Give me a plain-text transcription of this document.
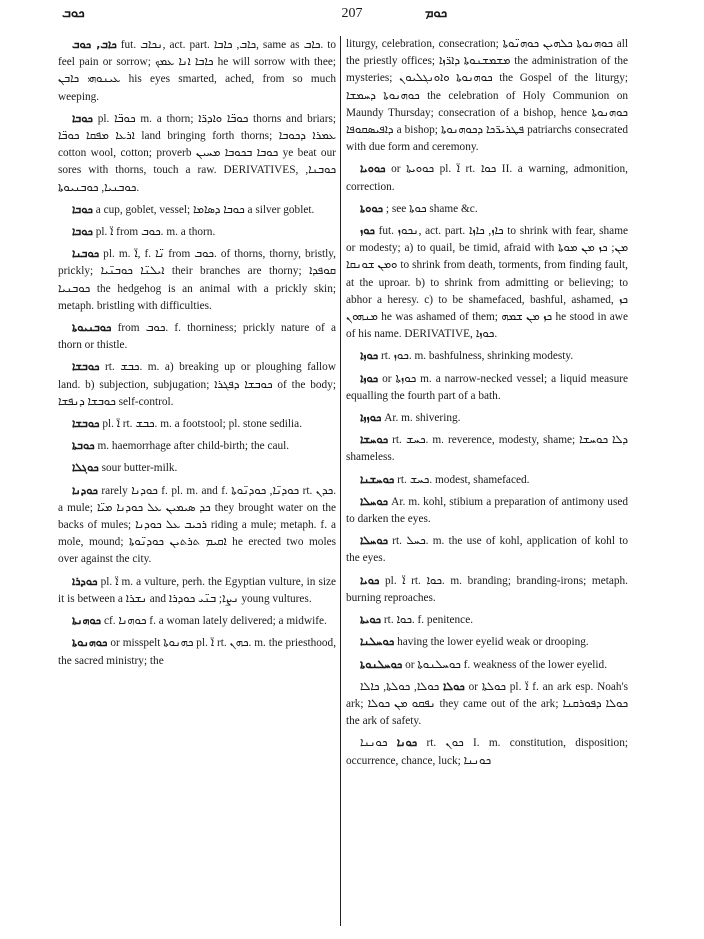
ܟܘܒ	207	ܟܘܡ

ܟܐܒ, ܟܘܒ fut. ܢܟܐܒ, act. part. ܟܐܒ, ܟܐܒܐ, same as ܟܐܒ. to feel pain or sorrow; ܟܐܒܐ ܐܢܐ ܥܡܟ he will sorrow with thee; ܥܝܢܘܗܝ ܟܐܒܢ his eyes smarted, ached, from so much weeping.

ܟܘܒܐ pl. ܟܘܒ̈ܐ m. a thorn; ܟܘܒ̈ܐ ܘܐܕܪ̈ܐ thorns and briars; ܐܪܥܐ ܡܦܩܐ ܟܘܒ̈ܐ land bringing forth thorns; ܥܡܪܐ ܕܟܘܒܐ cotton wool, cotton; proverb ܟܘܒܐ ܒܟܘܒܐ ܡܚܝܢ ye beat our sores with thorns, touch a raw. DERIVATIVES, ܟܘܒܢܐ, ܟܘܒܢܝܐ, ܟܘܒܢܝܘܬܐ.

ܟܘܒܐ a cup, goblet, vessel; ܟܘܒܐ ܕܣܐܡܐ a silver goblet.

ܟܘܒܐ pl. ܐ̈ from ܟܘܒ. m. a thorn.

ܟܘܒܢܐ pl. m. ܐ̈, f. ܢ̈ܐ from ܟܘܒ. of thorns, thorny, bristly, prickly; ܐܝܠܢ̈ܐ ܟܘܒܢ̈ܝܐ their branches are thorny; ܩܘܦܕܐ ܟܘܒܢܝܐ the hedgehog is an animal with a prickly skin; metaph. bristling with difficulties.

ܟܘܒܢܝܘܬܐ from ܟܘܒ. f. thorniness; prickly nature of a thorn or thistle.

ܟܘܒܫܐ rt. ܟܒܫ. m. a) breaking up or ploughing fallow land. b) subjection, subjugation; ܟܘܒܫܐ ܕܦܓܪܐ of the body; ܟܘܒܫܐ ܕܢܦܫܐ self-control.

ܟܘܒܫܐ pl. ܐ̈ rt. ܟܒܫ. m. a footstool; pl. stone sedilia.

ܟܘܒܬܐ m. haemorrhage after child-birth; the caul.

ܟܘܓܠܐ sour butter-milk.

ܟܘܕܢܐ rarely ܟܘܕܢܐ f. pl. m. and f. ܟܘܕܢ̈ܐ, ܟܘܕܢ̈ܘܬܐ rt. ܟܕܢ. a mule; ܟܕ ܣܝܡܝܢ ܥܠ ܟܘܕܢܐ ܡܝ̈ܐ they brought water on the backs of mules; ܪܟܝܒ ܥܠ ܟܘܕܢܐ riding a mule; metaph. f. a mole, mound; ܐܩܝܡ ܬܪܬܝܢ ܟܘܕܢ̈ܘܬܐ he erected two moles over against the city.

ܟܘܕܪܐ pl. ܐ̈ m. a vulture, perh. the Egyptian vulture, in size it is between a ܢܫܪܐ and ܢܨܐ; ܒܢ̈ܝ ܟܘܕܪܐ young vultures.

ܟܘܗܢܬܐ cf. ܟܘܗܢܐ f. a woman lately delivered; a midwife.

ܟܘܗܢܘܬܐ or misspelt ܟܗܢܘܬܐ pl. ܐ̈ rt. ܟܗܢ. m. the priesthood, the sacred ministry; the

liturgy, celebration, consecration; ܟܘܗܢܘܬܐ ܟܠܗܝܢ ܟܘܗܢ̈ܘܬܐ all the priestly offices; ܡܫܡܫܢܘܬܐ ܕܐܪ̈ܙܐ the administration of the mysteries; ܟܘܗܢܘܬܐ ܘܐܘܢܓܠܝܘܢ the Gospel of the liturgy; ܟܘܗܢܘܬܐ ܕܚܡܫܐ the celebration of Holy Communion on Maundy Thursday; consecration of a bishop, hence ܟܘܗܢܘܬܐ ܕܐܦܝܣܩܘܦܐ a bishop; ܦܛܪܝܪ̈ܟܐ ܕܟܘܗܢܘܬܐ patriarchs consecrated with due form and ceremony.

ܟܘܘܝܐ or ܟܘܘܝܬܐ pl. ܐ̈ rt. ܟܘܐ II. a warning, admonition, correction.

ܟܘܘܬܐ ; see ܟܘܬܐ shame &c.

ܟܘܙ fut. ܢܟܘܙ, act. part. ܟܐܙ, ܟܐܙܐ to shrink with fear, shame or modesty; a) to quail, be timid, afraid with ܡܢ; ܟܙ ܡܢ ܡܘܬܐ ܘܡܢ ܫܘܢܩܐ to shrink from death, torments, from finding fault, at the uproar. b) to shrink from admitting or believing; to abhor a heresy. c) to be shamefaced, bashful, ashamed, ܟܙ ܡܢܗܘܢ he was ashamed of them; ܟܙ ܡܢ ܫܡܗ he stood in awe of his name. DERIVATIVE, ܟܘܙܐ.

ܟܘܙܐ rt. ܟܘܙ. m. bashfulness, shrinking modesty.

ܟܘܙܐ or ܟܘܙܬܐ m. a narrow-necked vessel; a liquid measure equalling the fourth part of a bath.

ܟܘܙܙܐ Ar. m. shivering.

ܟܘܚܫܐ rt. ܟܚܫ. m. reverence, modesty, shame; ܕܠܐ ܟܘܚܫܐ shameless.

ܟܘܚܫܢܐ rt. ܟܚܫ. modest, shamefaced.

ܟܘܚܠܐ Ar. m. kohl, stibium a preparation of antimony used to darken the eyes.

ܟܘܚܠܐ rt. ܟܚܠ. m. the use of kohl, application of kohl to the eyes.

ܟܘܝܐ pl. ܐ̈ rt. ܟܘܐ. m. branding; branding-irons; metaph. burning reproaches.

ܟܘܝܬܐ rt. ܟܘܐ. f. penitence.

ܟܘܚܠܢܐ having the lower eyelid weak or drooping.

ܟܘܚܠܢܘܬܐ or ܟܘܚܠܢܘܬܐ f. weakness of the lower eyelid.

ܟܘܠܐ ܟܘܠܐ, ܟܘܠܬܐ, ܟܐܠܐ or ܟܘܠܬܐ pl. ܐ̈ f. an ark esp. Noah's ark; ܢܦܩܘ ܡܢ ܟܘܠܐ they came out of the ark; ܟܘܠܐ ܕܦܘܪܩܢܐ the ark of safety.

ܟܘܢܐ ܟܘܢܢܐ rt. ܟܘܢ I. m. constitution, disposition; occurrence, chance, luck; ܟܘܢܢܐ
